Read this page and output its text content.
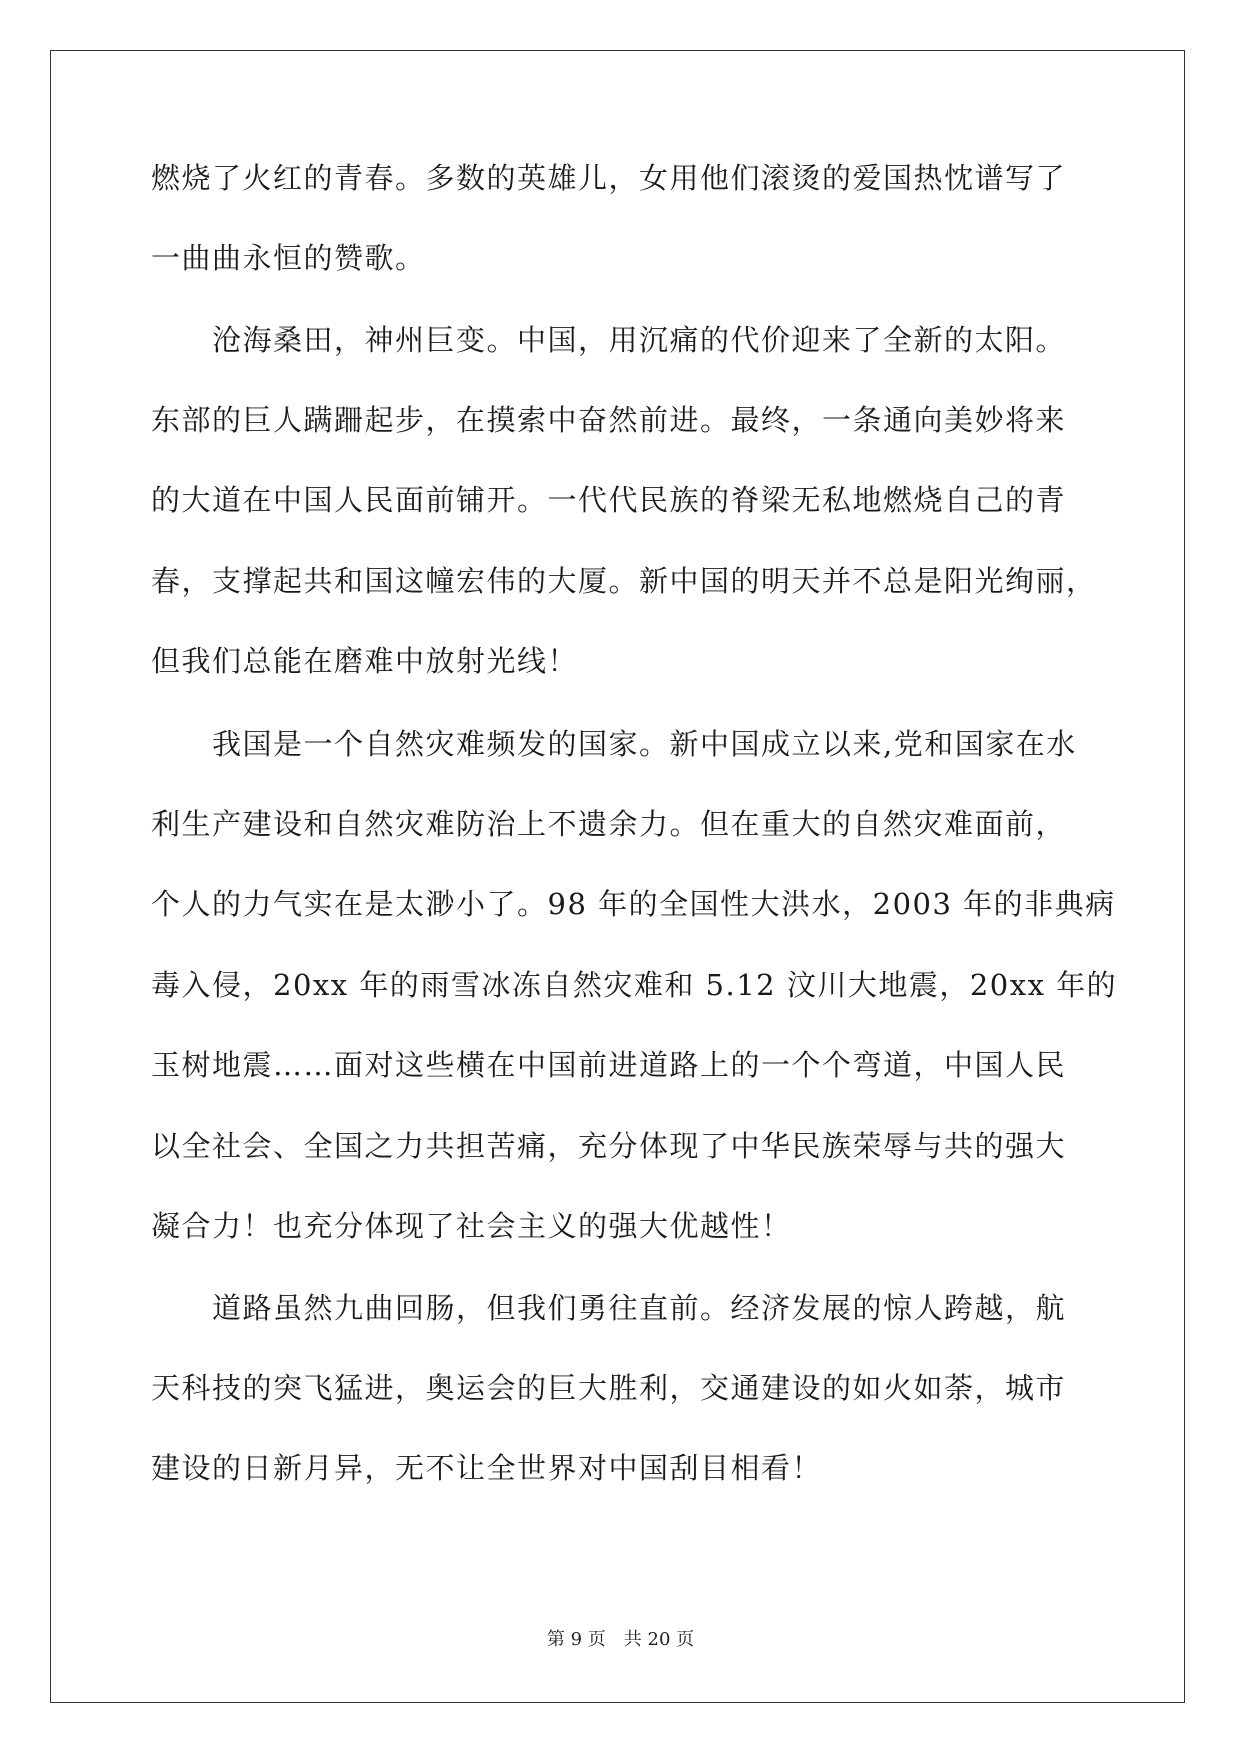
燃烧了火红的青春。多数的英雄儿，女用他们滚烫的爱国热忱谱写了
一曲曲永恒的赞歌。
　　沧海桑田，神州巨变。中国，用沉痛的代价迎来了全新的太阳。
东部的巨人蹒跚起步，在摸索中奋然前进。最终，一条通向美妙将来
的大道在中国人民面前铺开。一代代民族的脊梁无私地燃烧自己的青
春，支撑起共和国这幢宏伟的大厦。新中国的明天并不总是阳光绚丽，
但我们总能在磨难中放射光线！
　　我国是一个自然灾难频发的国家。新中国成立以来,党和国家在水
利生产建设和自然灾难防治上不遗余力。但在重大的自然灾难面前，
个人的力气实在是太渺小了。98 年的全国性大洪水，2003 年的非典病
毒入侵，20xx 年的雨雪冰冻自然灾难和 5.12 汶川大地震，20xx 年的
玉树地震……面对这些横在中国前进道路上的一个个弯道，中国人民
以全社会、全国之力共担苦痛，充分体现了中华民族荣辱与共的强大
凝合力！也充分体现了社会主义的强大优越性！
　　道路虽然九曲回肠，但我们勇往直前。经济发展的惊人跨越，航
天科技的突飞猛进，奥运会的巨大胜利，交通建设的如火如荼，城市
建设的日新月异，无不让全世界对中国刮目相看！
第 9 页 共 20 页
